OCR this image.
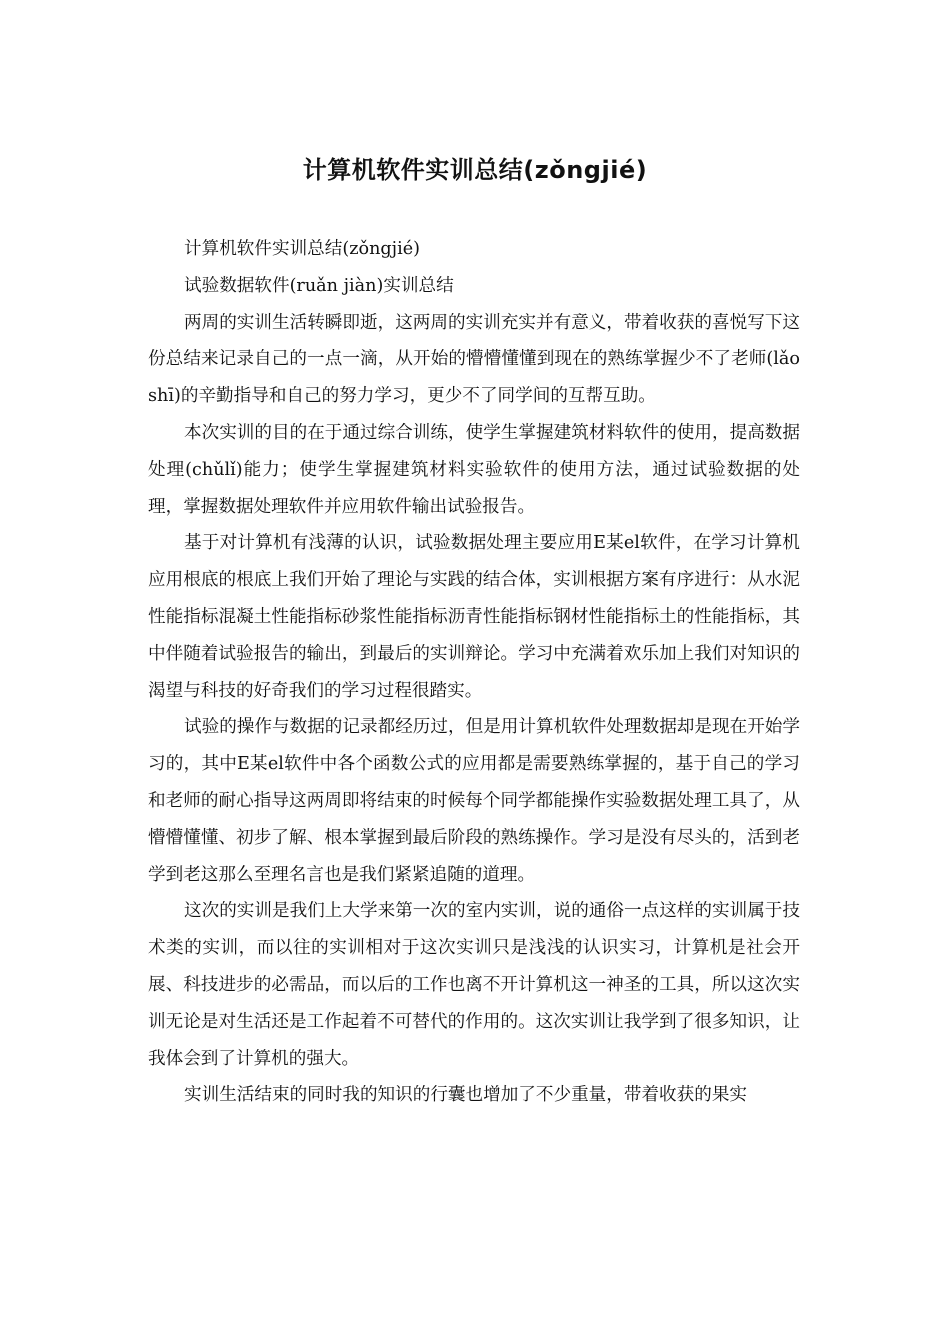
计算机软件实训总结(zǒngjié)

计算机软件实训总结(zǒngjié)

试验数据软件(ruǎn jiàn)实训总结

两周的实训生活转瞬即逝，这两周的实训充实并有意义，带着收获的喜悦写下这份总结来记录自己的一点一滴，从开始的懵懵懂懂到现在的熟练掌握少不了老师(lǎoshī)的辛勤指导和自己的努力学习，更少不了同学间的互帮互助。

本次实训的目的在于通过综合训练，使学生掌握建筑材料软件的使用，提高数据处理(chǔlǐ)能力；使学生掌握建筑材料实验软件的使用方法，通过试验数据的处理，掌握数据处理软件并应用软件输出试验报告。

基于对计算机有浅薄的认识，试验数据处理主要应用E某el软件，在学习计算机应用根底的根底上我们开始了理论与实践的结合体，实训根据方案有序进行：从水泥性能指标混凝土性能指标砂浆性能指标沥青性能指标钢材性能指标土的性能指标，其中伴随着试验报告的输出，到最后的实训辩论。学习中充满着欢乐加上我们对知识的渴望与科技的好奇我们的学习过程很踏实。

试验的操作与数据的记录都经历过，但是用计算机软件处理数据却是现在开始学习的，其中E某el软件中各个函数公式的应用都是需要熟练掌握的，基于自己的学习和老师的耐心指导这两周即将结束的时候每个同学都能操作实验数据处理工具了，从懵懵懂懂、初步了解、根本掌握到最后阶段的熟练操作。学习是没有尽头的，活到老学到老这那么至理名言也是我们紧紧追随的道理。

这次的实训是我们上大学来第一次的室内实训，说的通俗一点这样的实训属于技术类的实训，而以往的实训相对于这次实训只是浅浅的认识实习，计算机是社会开展、科技进步的必需品，而以后的工作也离不开计算机这一神圣的工具，所以这次实训无论是对生活还是工作起着不可替代的作用的。这次实训让我学到了很多知识，让我体会到了计算机的强大。

实训生活结束的同时我的知识的行囊也增加了不少重量，带着收获的果实
